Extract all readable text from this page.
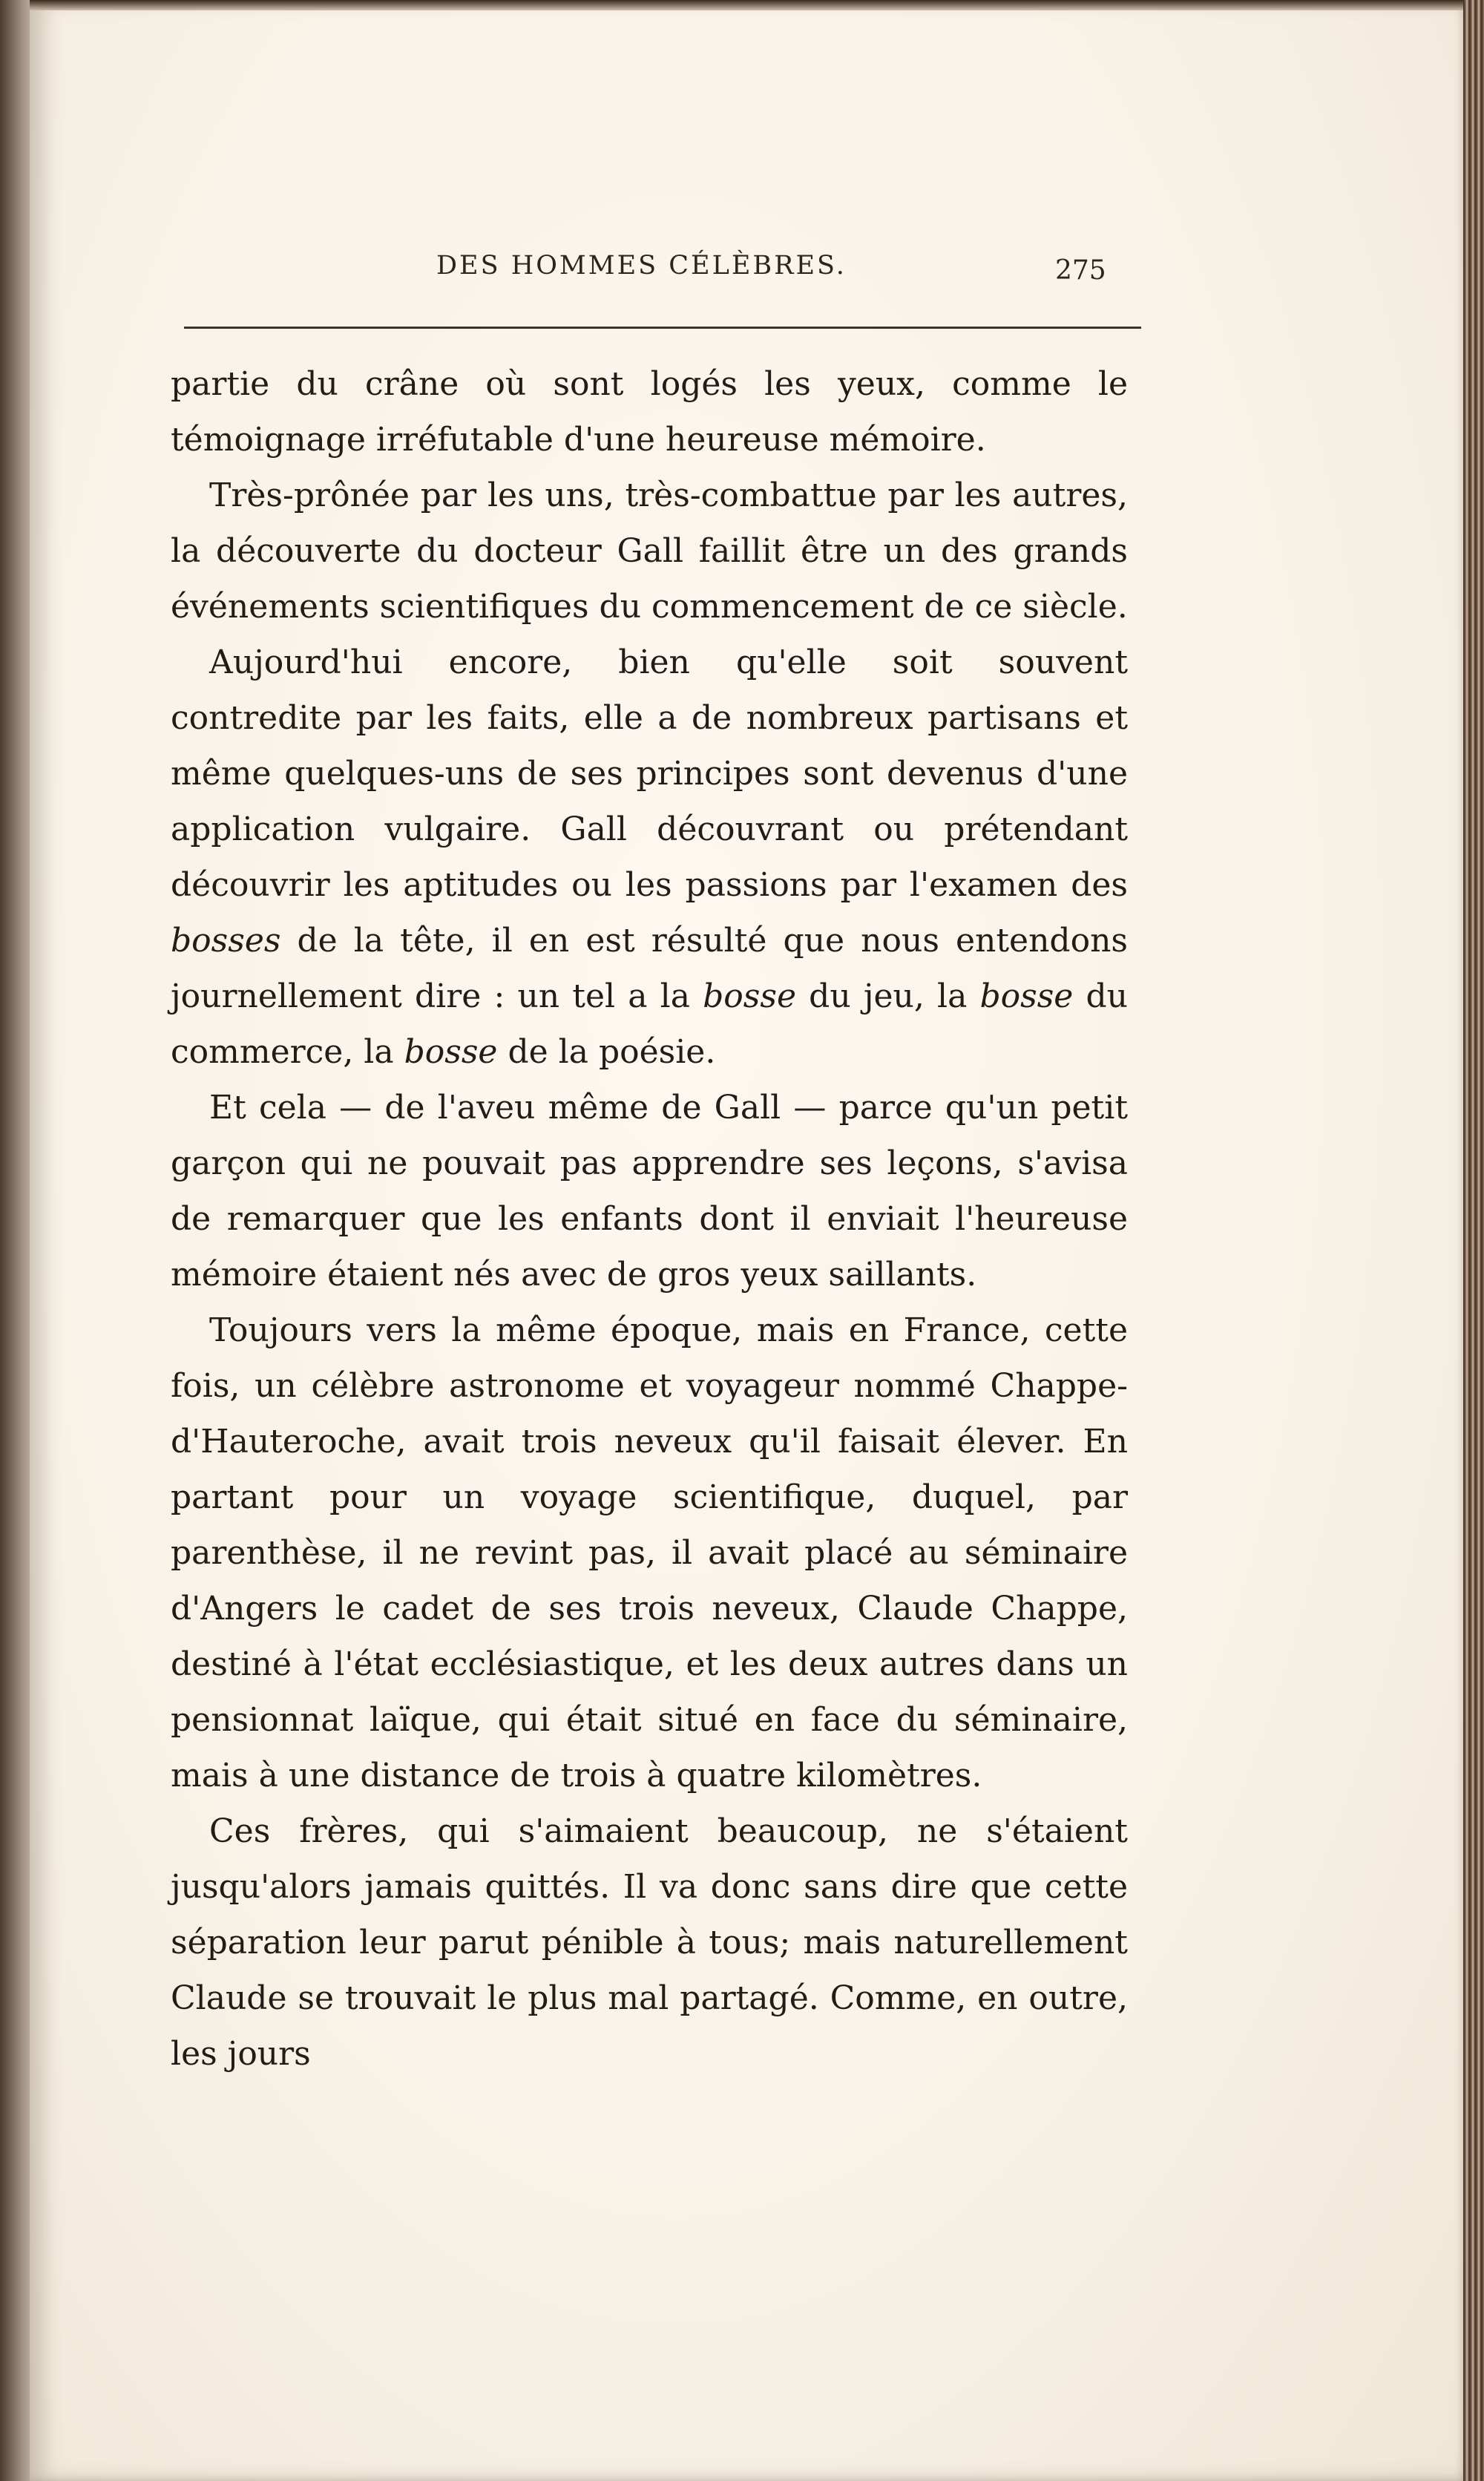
DES HOMMES CÉLÈBRES.	275

partie du crâne où sont logés les yeux, comme le témoignage irréfutable d'une heureuse mémoire.

Très-prônée par les uns, très-combattue par les autres, la découverte du docteur Gall faillit être un des grands événements scientifiques du commencement de ce siècle.

Aujourd'hui encore, bien qu'elle soit souvent contredite par les faits, elle a de nombreux partisans et même quelques-uns de ses principes sont devenus d'une application vulgaire. Gall découvrant ou prétendant découvrir les aptitudes ou les passions par l'examen des bosses de la tête, il en est résulté que nous entendons journellement dire : un tel a la bosse du jeu, la bosse du commerce, la bosse de la poésie.

Et cela — de l'aveu même de Gall — parce qu'un petit garçon qui ne pouvait pas apprendre ses leçons, s'avisa de remarquer que les enfants dont il enviait l'heureuse mémoire étaient nés avec de gros yeux saillants.

Toujours vers la même époque, mais en France, cette fois, un célèbre astronome et voyageur nommé Chappe-d'Hauteroche, avait trois neveux qu'il faisait élever. En partant pour un voyage scientifique, duquel, par parenthèse, il ne revint pas, il avait placé au séminaire d'Angers le cadet de ses trois neveux, Claude Chappe, destiné à l'état ecclésiastique, et les deux autres dans un pensionnat laïque, qui était situé en face du séminaire, mais à une distance de trois à quatre kilomètres.

Ces frères, qui s'aimaient beaucoup, ne s'étaient jusqu'alors jamais quittés. Il va donc sans dire que cette séparation leur parut pénible à tous; mais naturellement Claude se trouvait le plus mal partagé. Comme, en outre, les jours
